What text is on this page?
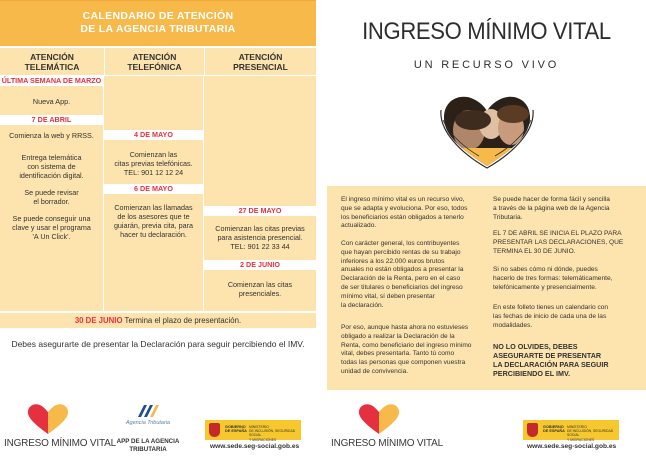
CALENDARIO DE ATENCIÓN
DE LA AGENCIA TRIBUTARIA
ATENCIÓN
TELEMÁTICA
ATENCIÓN
TELEFÓNICA
ATENCIÓN
PRESENCIAL
ÚLTIMA SEMANA DE MARZO
Nueva App.
7 DE ABRIL
Comienza la web y RRSS.
Entrega telemática
con sistema de
identificación digital.
Se puede revisar
el borrador.
Se puede conseguir una
clave y usar el programa
'A Un Click'.
4 DE MAYO
Comienzan las
citas previas telefónicas.
TEL: 901 12 12 24
6 DE MAYO
Comienzan las llamadas
de los asesores que te
guiarán, previa cita, para
hacer tu declaración.
27 DE MAYO
Comienzan las citas previas
para asistencia presencial.
TEL: 901 22 33 44
2 DE JUNIO
Comienzan las citas
presenciales.
30 DE JUNIO Termina el plazo de presentación.
Debes asegurarte de presentar la Declaración para seguir percibiendo el IMV.
INGRESO MÍNIMO VITAL
Agencia Tributaria
APP DE LA AGENCIA
TRIBUTARIA
GOBIERNO
DE ESPAÑA
MINISTERIO
DE INCLUSIÓN, SEGURIDAD SOCIAL
Y MIGRACIONES
www.sede.seg-social.gob.es
INGRESO MÍNIMO VITAL
UN RECURSO VIVO
El ingreso mínimo vital es un recurso vivo,
que se adapta y evoluciona. Por eso, todos
los beneficiarios están obligados a tenerlo
actualizado.
Con carácter general, los contribuyentes
que hayan percibido rentas de su trabajo
inferiores a los 22.000 euros brutos
anuales no están obligados a presentar la
Declaración de la Renta, pero en el caso
de ser titulares o beneficiarios del ingreso
mínimo vital, sí deben presentar
la declaración.
Por eso, aunque hasta ahora no estuvieses
obligado a realizar la Declaración de la
Renta, como beneficiario del ingreso mínimo
vital, debes presentarla. Tanto tú como
todas las personas que componen vuestra
unidad de convivencia.
Se puede hacer de forma fácil y sencilla
a través de la página web de la Agencia
Tributaria.
EL 7 DE ABRIL SE INICIA EL PLAZO PARA
PRESENTAR LAS DECLARACIONES, QUE
TERMINA EL 30 DE JUNIO.
Si no sabes cómo ni dónde, puedes
hacerlo de tres formas: telemáticamente,
telefónicamente y presencialmente.
En este folleto tienes un calendario con
las fechas de inicio de cada una de las
modalidades.
NO LO OLVIDES, DEBES
ASEGURARTE DE PRESENTAR
LA DECLARACIÓN PARA SEGUIR
PERCIBIENDO EL IMV.
INGRESO MÍNIMO VITAL
GOBIERNO
DE ESPAÑA
MINISTERIO
DE INCLUSIÓN, SEGURIDAD SOCIAL
Y MIGRACIONES
www.sede.seg-social.gob.es
